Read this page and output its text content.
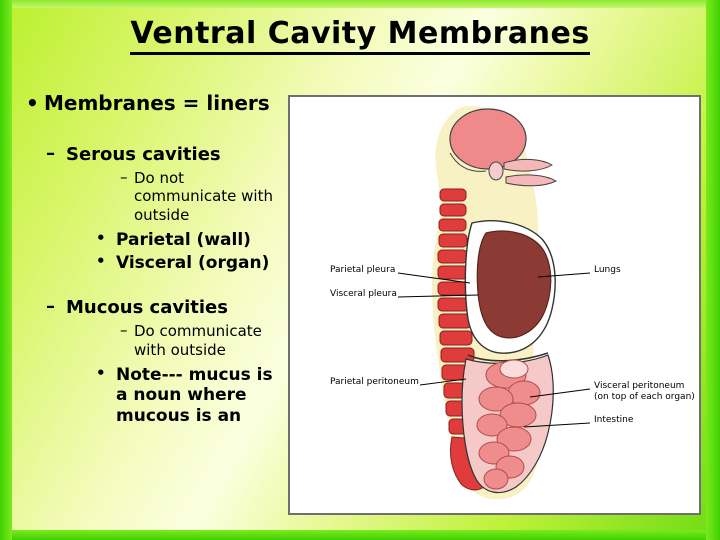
Ventral Cavity Membranes
• Membranes = liners
– Serous cavities
– Do not communicate with outside
• Parietal (wall)
• Visceral (organ)
– Mucous cavities
– Do communicate with outside
• Note--- mucus is a noun where mucous is an
Parietal pleura
Visceral pleura
Parietal peritoneum
Lungs
Visceral peritoneum
(on top of each organ)
Intestine
